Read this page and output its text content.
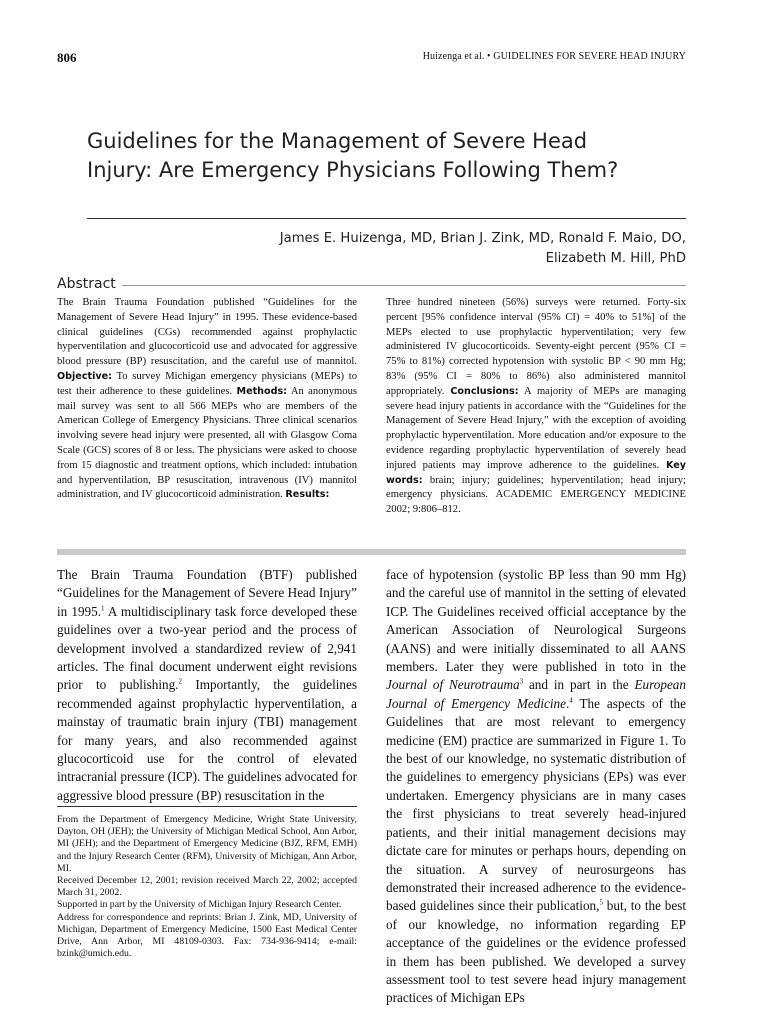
806	Huizenga et al. • GUIDELINES FOR SEVERE HEAD INJURY
Guidelines for the Management of Severe Head Injury: Are Emergency Physicians Following Them?
James E. Huizenga, MD, Brian J. Zink, MD, Ronald F. Maio, DO,
Elizabeth M. Hill, PhD
Abstract

The Brain Trauma Foundation published “Guidelines for the Management of Severe Head Injury” in 1995. These evidence-based clinical guidelines (CGs) recommended against prophylactic hyperventilation and glucocorticoid use and advocated for aggressive blood pressure (BP) resuscitation, and the careful use of mannitol. Objective: To survey Michigan emergency physicians (MEPs) to test their adherence to these guidelines. Methods: An anonymous mail survey was sent to all 566 MEPs who are members of the American College of Emergency Physicians. Three clinical scenarios involving severe head injury were presented, all with Glasgow Coma Scale (GCS) scores of 8 or less. The physicians were asked to choose from 15 diagnostic and treatment options, which included: intubation and hyperventilation, BP resuscitation, intravenous (IV) mannitol administration, and IV glucocorticoid administration. Results:

Three hundred nineteen (56%) surveys were returned. Forty-six percent [95% confidence interval (95% CI) = 40% to 51%] of the MEPs elected to use prophylactic hyperventilation; very few administered IV glucocorticoids. Seventy-eight percent (95% CI = 75% to 81%) corrected hypotension with systolic BP < 90 mm Hg; 83% (95% CI = 80% to 86%) also administered mannitol appropriately. Conclusions: A majority of MEPs are managing severe head injury patients in accordance with the “Guidelines for the Management of Severe Head Injury,” with the exception of avoiding prophylactic hyperventilation. More education and/or exposure to the evidence regarding prophylactic hyperventilation of severely head injured patients may improve adherence to the guidelines. Key words: brain; injury; guidelines; hyperventilation; head injury; emergency physicians. ACADEMIC EMERGENCY MEDICINE 2002; 9:806–812.

The Brain Trauma Foundation (BTF) published “Guidelines for the Management of Severe Head Injury” in 1995.$^1$ A multidisciplinary task force developed these guidelines over a two-year period and the process of development involved a standardized review of 2,941 articles. The final document underwent eight revisions prior to publishing.$^2$ Importantly, the guidelines recommended against prophylactic hyperventilation, a mainstay of traumatic brain injury (TBI) management for many years, and also recommended against glucocorticoid use for the control of elevated intracranial pressure (ICP). The guidelines advocated for aggressive blood pressure (BP) resuscitation in the

face of hypotension (systolic BP less than 90 mm Hg) and the careful use of mannitol in the setting of elevated ICP. The Guidelines received official acceptance by the American Association of Neurological Surgeons (AANS) and were initially disseminated to all AANS members. Later they were published in toto in the Journal of Neurotrauma$^3$ and in part in the European Journal of Emergency Medicine.$^4$ The aspects of the Guidelines that are most relevant to emergency medicine (EM) practice are summarized in Figure 1. To the best of our knowledge, no systematic distribution of the guidelines to emergency physicians (EPs) was ever undertaken. Emergency physicians are in many cases the first physicians to treat severely head-injured patients, and their initial management decisions may dictate care for minutes or perhaps hours, depending on the situation. A survey of neurosurgeons has demonstrated their increased adherence to the evidence-based guidelines since their publication,$^5$ but, to the best of our knowledge, no information regarding EP acceptance of the guidelines or the evidence professed in them has been published. We developed a survey assessment tool to test severe head injury management practices of Michigan EPs

From the Department of Emergency Medicine, Wright State University, Dayton, OH (JEH); the University of Michigan Medical School, Ann Arbor, MI (JEH); and the Department of Emergency Medicine (BJZ, RFM, EMH) and the Injury Research Center (RFM), University of Michigan, Ann Arbor, MI.

Received December 12, 2001; revision received March 22, 2002; accepted March 31, 2002.

Supported in part by the University of Michigan Injury Research Center.

Address for correspondence and reprints: Brian J. Zink, MD, University of Michigan, Department of Emergency Medicine, 1500 East Medical Center Drive, Ann Arbor, MI 48109-0303. Fax: 734-936-9414; e-mail: bzink@umich.edu.
